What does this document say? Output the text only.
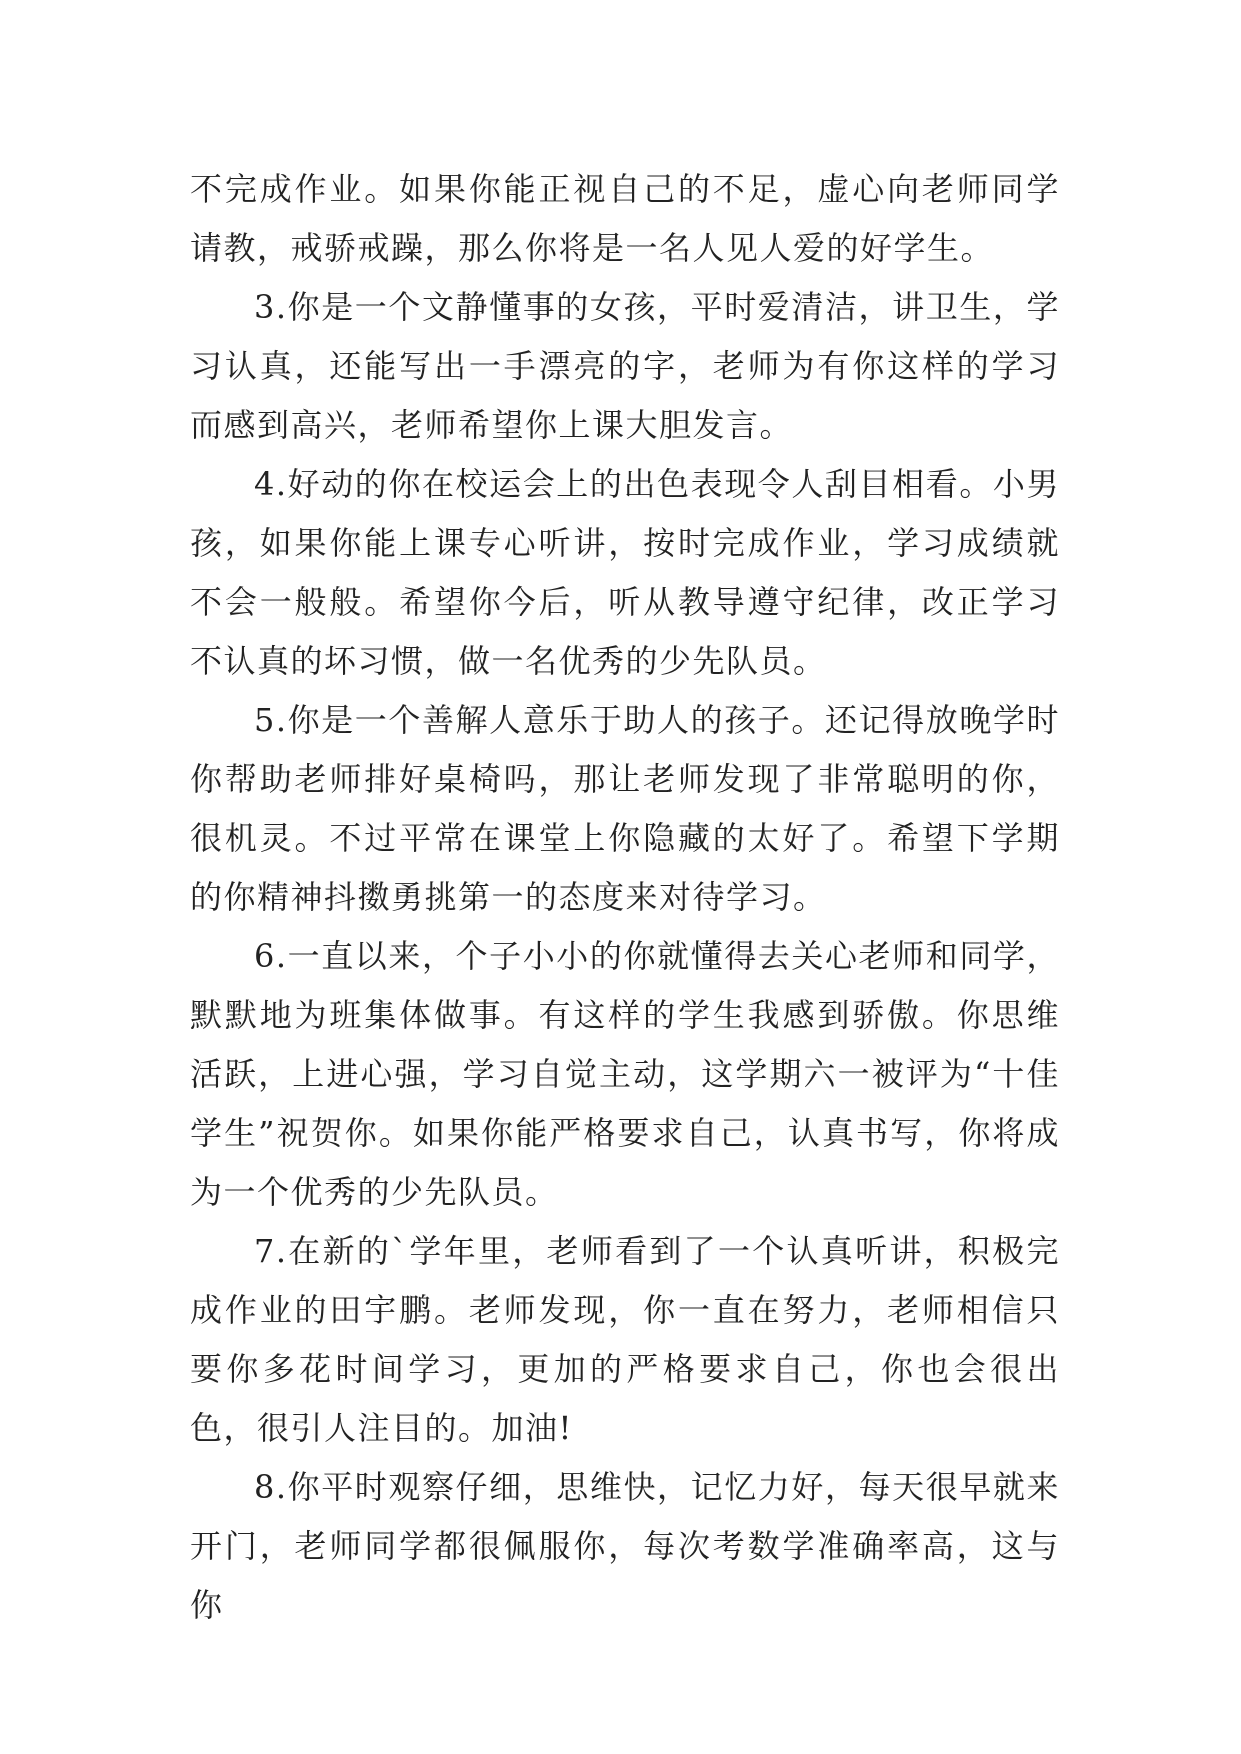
不完成作业。如果你能正视自己的不足，虚心向老师同学请教，戒骄戒躁，那么你将是一名人见人爱的好学生。

3.你是一个文静懂事的女孩，平时爱清洁，讲卫生，学习认真，还能写出一手漂亮的字，老师为有你这样的学习而感到高兴，老师希望你上课大胆发言。

4.好动的你在校运会上的出色表现令人刮目相看。小男孩，如果你能上课专心听讲，按时完成作业，学习成绩就不会一般般。希望你今后，听从教导遵守纪律，改正学习不认真的坏习惯，做一名优秀的少先队员。

5.你是一个善解人意乐于助人的孩子。还记得放晚学时你帮助老师排好桌椅吗，那让老师发现了非常聪明的你，很机灵。不过平常在课堂上你隐藏的太好了。希望下学期的你精神抖擞勇挑第一的态度来对待学习。

6.一直以来，个子小小的你就懂得去关心老师和同学，默默地为班集体做事。有这样的学生我感到骄傲。你思维活跃，上进心强，学习自觉主动，这学期六一被评为“十佳学生”祝贺你。如果你能严格要求自己，认真书写，你将成为一个优秀的少先队员。

7.在新的`学年里，老师看到了一个认真听讲，积极完成作业的田宇鹏。老师发现，你一直在努力，老师相信只要你多花时间学习，更加的严格要求自己，你也会很出色，很引人注目的。加油!

8.你平时观察仔细，思维快，记忆力好，每天很早就来开门，老师同学都很佩服你，每次考数学准确率高，这与你
